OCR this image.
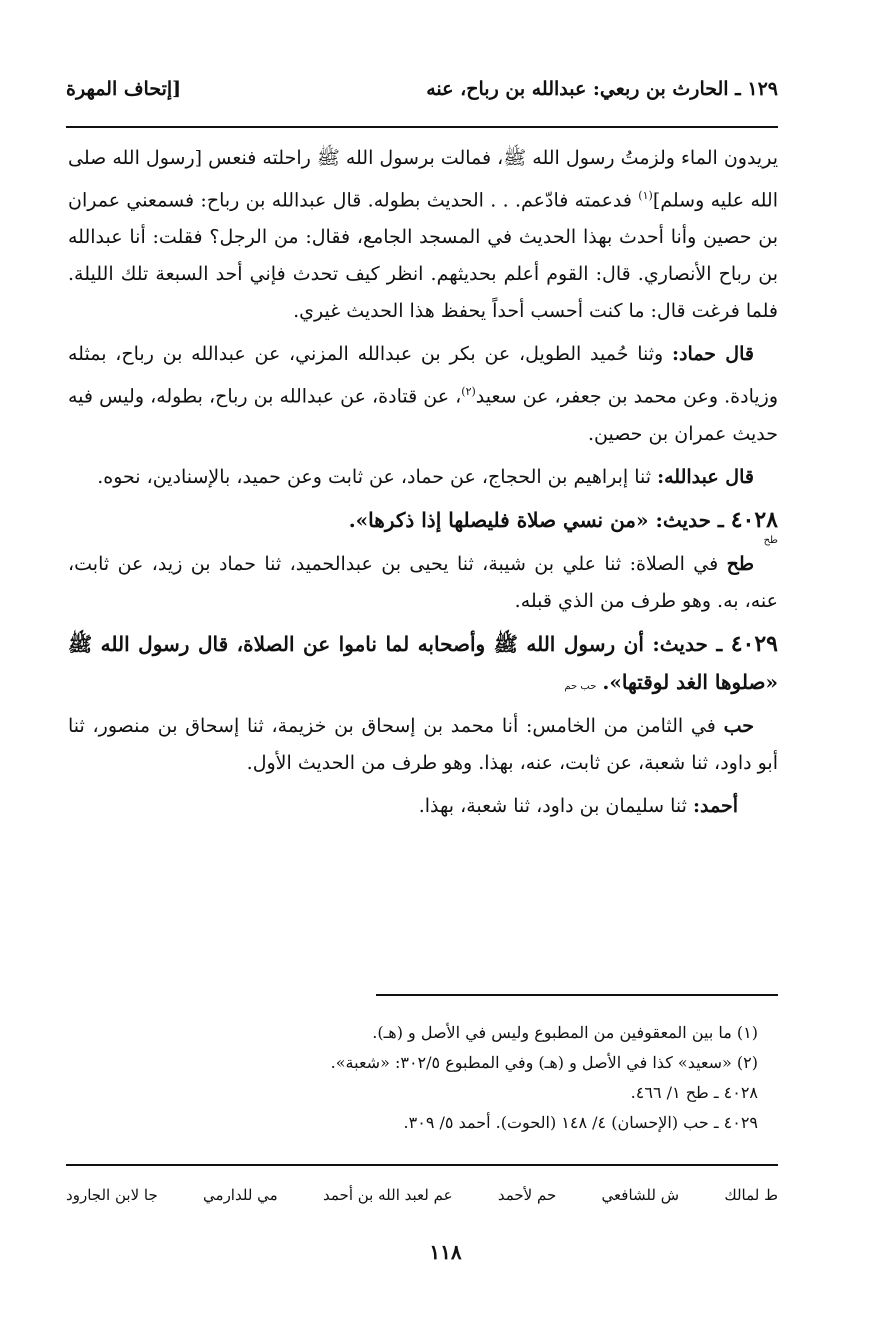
١٢٩ ـ الحارث بن ربعي: عبدالله بن رباح، عنه
[إتحاف المهرة

يريدون الماء ولزمتُ رسول الله ﷺ، فمالت برسول الله ﷺ راحلته فنعس [رسول الله صلى الله عليه وسلم]$^{(١)}$ فدعمته فادّعم. . . الحديث بطوله. قال عبدالله بن رباح: فسمعني عمران بن حصين وأنا أحدث بهذا الحديث في المسجد الجامع، فقال: من الرجل؟ فقلت: أنا عبدالله بن رباح الأنصاري. قال: القوم أعلم بحديثهم. انظر كيف تحدث فإني أحد السبعة تلك الليلة. فلما فرغت قال: ما كنت أحسب أحداً يحفظ هذا الحديث غيري.

قال حماد: وثنا حُميد الطويل، عن بكر بن عبدالله المزني، عن عبدالله بن رباح، بمثله وزيادة. وعن محمد بن جعفر، عن سعيد$^{(٢)}$، عن قتادة، عن عبدالله بن رباح، بطوله، وليس فيه حديث عمران بن حصين.

قال عبدالله: ثنا إبراهيم بن الحجاج، عن حماد، عن ثابت وعن حميد، بالإسنادين، نحوه.

٤٠٢٨ ـ حديث: «من نسي صلاة فليصلها إذا ذكرها».
طح

طح في الصلاة: ثنا علي بن شيبة، ثنا يحيى بن عبدالحميد، ثنا حماد بن زيد، عن ثابت، عنه، به. وهو طرف من الذي قبله.

٤٠٢٩ ـ حديث: أن رسول الله ﷺ وأصحابه لما ناموا عن الصلاة، قال رسول الله ﷺ «صلوها الغد لوقتها».حب حم

حب في الثامن من الخامس: أنا محمد بن إسحاق بن خزيمة، ثنا إسحاق بن منصور، ثنا أبو داود، ثنا شعبة، عن ثابت، عنه، بهذا. وهو طرف من الحديث الأول.

أحمد: ثنا سليمان بن داود، ثنا شعبة، بهذا.

(١) ما بين المعقوفين من المطبوع وليس في الأصل و (هـ).
(٢) «سعيد» كذا في الأصل و (هـ) وفي المطبوع ٣٠٢/٥: «شعبة».
٤٠٢٨ ـ طح ١/ ٤٦٦.
٤٠٢٩ ـ حب (الإحسان) ٤/ ١٤٨ (الحوت). أحمد ٥/ ٣٠٩.
ط لمالك
ش للشافعي
حم لأحمد
عم لعبد الله بن أحمد
مي للدارمي
جا لابن الجارود
١١٨
